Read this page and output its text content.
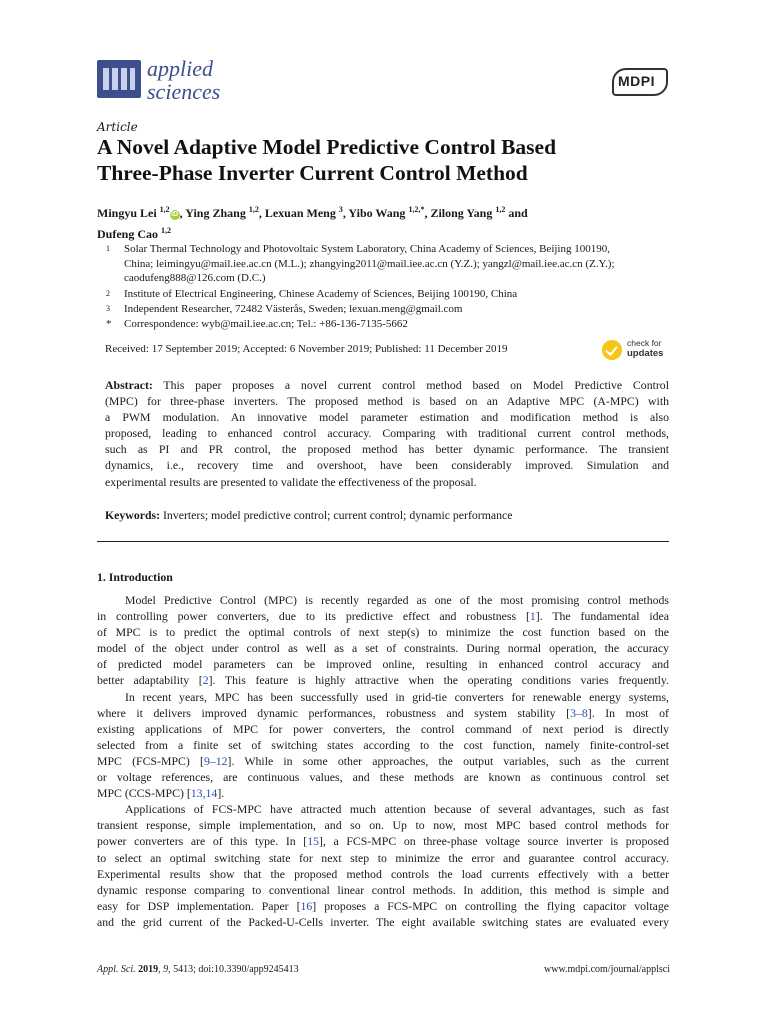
applied
sciences	MDPI
Article
A Novel Adaptive Model Predictive Control Based
Three-Phase Inverter Current Control Method
Mingyu Lei $^{1,2}$iD , Ying Zhang $^{1,2}$, Lexuan Meng $^3$, Yibo Wang $^{1,2,*}$, Zilong Yang $^{1,2}$ and
Dufeng Cao $^{1,2}$
1 Solar Thermal Technology and Photovoltaic System Laboratory, China Academy of Sciences, Beijing 100190,
China; leimingyu@mail.iee.ac.cn (M.L.); zhangying2011@mail.iee.ac.cn (Y.Z.); yangzl@mail.iee.ac.cn (Z.Y.);
caodufeng888@126.com (D.C.)
2 Institute of Electrical Engineering, Chinese Academy of Sciences, Beijing 100190, China
3 Independent Researcher, 72482 Västerås, Sweden; lexuan.meng@gmail.com
* Correspondence: wyb@mail.iee.ac.cn; Tel.: +86-136-7135-5662
Received: 17 September 2019; Accepted: 6 November 2019; Published: 11 December 2019	check for
updates
Abstract: This paper proposes a novel current control method based on Model Predictive Control
(MPC) for three-phase inverters. The proposed method is based on an Adaptive MPC (A-MPC) with
a PWM modulation. An innovative model parameter estimation and modification method is also
proposed, leading to enhanced control accuracy. Comparing with traditional current control methods,
such as PI and PR control, the proposed method has better dynamic performance. The transient
dynamics, i.e., recovery time and overshoot, have been considerably improved. Simulation and
experimental results are presented to validate the effectiveness of the proposal.
Keywords: Inverters; model predictive control; current control; dynamic performance
1. Introduction
Model Predictive Control (MPC) is recently regarded as one of the most promising control methods
in controlling power converters, due to its predictive effect and robustness [1]. The fundamental idea
of MPC is to predict the optimal controls of next step(s) to minimize the cost function based on the
model of the object under control as well as a set of constraints. During normal operation, the accuracy
of predicted model parameters can be improved online, resulting in enhanced control accuracy and
better adaptability [2]. This feature is highly attractive when the operating conditions varies frequently.
In recent years, MPC has been successfully used in grid-tie converters for renewable energy systems,
where it delivers improved dynamic performances, robustness and system stability [3–8]. In most of
existing applications of MPC for power converters, the control command of next period is directly
selected from a finite set of switching states according to the cost function, namely finite-control-set
MPC (FCS-MPC) [9–12]. While in some other approaches, the output variables, such as the current
or voltage references, are continuous values, and these methods are known as continuous control set
MPC (CCS-MPC) [13,14].
Applications of FCS-MPC have attracted much attention because of several advantages, such as fast
transient response, simple implementation, and so on. Up to now, most MPC based control methods for
power converters are of this type. In [15], a FCS-MPC on three-phase voltage source inverter is proposed
to select an optimal switching state for next step to minimize the error and guarantee control accuracy.
Experimental results show that the proposed method controls the load currents effectively with a better
dynamic response comparing to conventional linear control methods. In addition, this method is simple and
easy for DSP implementation. Paper [16] proposes a FCS-MPC on controlling the flying capacitor voltage
and the grid current of the Packed-U-Cells inverter. The eight available switching states are evaluated every
Appl. Sci. 2019, 9, 5413; doi:10.3390/app9245413	www.mdpi.com/journal/applsci
